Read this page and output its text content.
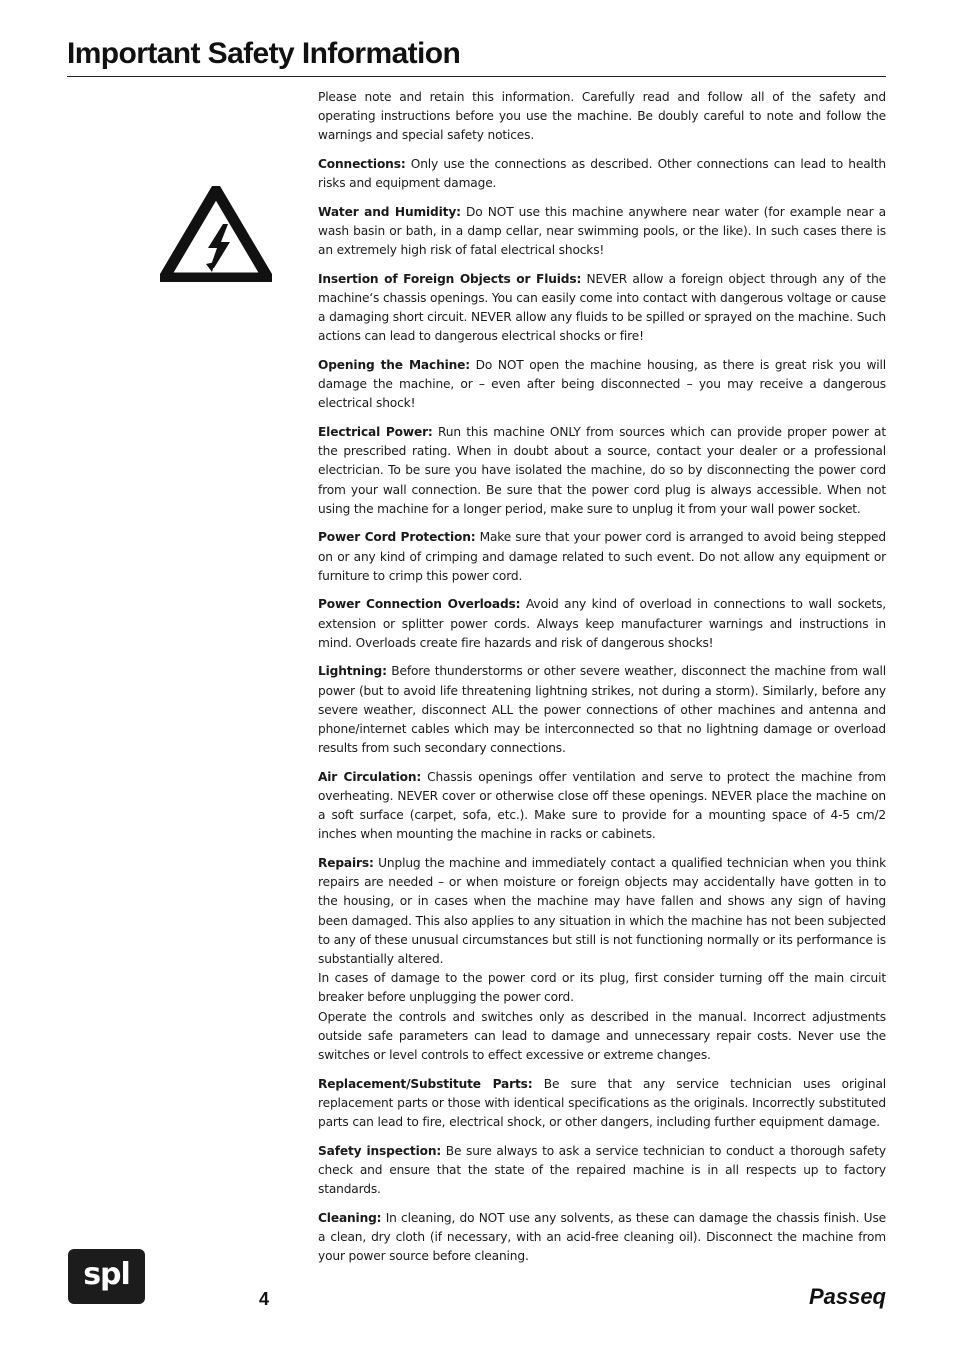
Important Safety Information

Please note and retain this information. Carefully read and follow all of the safety and operating instructions before you use the machine. Be doubly careful to note and follow the warnings and special safety notices.

Connections: Only use the connections as described. Other connections can lead to health risks and equipment damage.

Water and Humidity: Do NOT use this machine anywhere near water (for example near a wash basin or bath, in a damp cellar, near swimming pools, or the like). In such cases there is an extremely high risk of fatal electrical shocks!

Insertion of Foreign Objects or Fluids: NEVER allow a foreign object through any of the machine‘s chassis openings. You can easily come into contact with dangerous voltage or cause a damaging short circuit. NEVER allow any fluids to be spilled or sprayed on the machine. Such actions can lead to dangerous electrical shocks or fire!

Opening the Machine: Do NOT open the machine housing, as there is great risk you will damage the machine, or – even after being disconnected – you may receive a dangerous electrical shock!

Electrical Power: Run this machine ONLY from sources which can provide proper power at the prescribed rating. When in doubt about a source, contact your dealer or a professional electrician. To be sure you have isolated the machine, do so by disconnecting the power cord from your wall connection. Be sure that the power cord plug is always accessible. When not using the machine for a longer period, make sure to unplug it from your wall power socket.

Power Cord Protection: Make sure that your power cord is arranged to avoid being stepped on or any kind of crimping and damage related to such event. Do not allow any equipment or furniture to crimp this power cord.

Power Connection Overloads: Avoid any kind of overload in connections to wall sockets, extension or splitter power cords. Always keep manufacturer warnings and instructions in mind. Overloads create fire hazards and risk of dangerous shocks!

Lightning: Before thunderstorms or other severe weather, disconnect the machine from wall power (but to avoid life threatening lightning strikes, not during a storm). Similarly, before any severe weather, disconnect ALL the power connections of other machines and antenna and phone/internet cables which may be interconnected so that no lightning damage or overload results from such secondary connections.

Air Circulation: Chassis openings offer ventilation and serve to protect the machine from overheating. NEVER cover or otherwise close off these openings. NEVER place the machine on a soft surface (carpet, sofa, etc.). Make sure to provide for a mounting space of 4-5 cm/2 inches when mounting the machine in racks or cabinets.

Repairs: Unplug the machine and immediately contact a qualified technician when you think repairs are needed – or when moisture or foreign objects may accidentally have gotten in to the housing, or in cases when the machine may have fallen and shows any sign of having been damaged. This also applies to any situation in which the machine has not been subjected to any of these unusual circumstances but still is not functioning normally or its performance is substantially altered.

In cases of damage to the power cord or its plug, first consider turning off the main circuit breaker before unplugging the power cord.

Operate the controls and switches only as described in the manual. Incorrect adjustments outside safe parameters can lead to damage and unnecessary repair costs. Never use the switches or level controls to effect excessive or extreme changes.

Replacement/Substitute Parts: Be sure that any service technician uses original replacement parts or those with identical specifications as the originals. Incorrectly substituted parts can lead to fire, electrical shock, or other dangers, including further equipment damage.

Safety inspection: Be sure always to ask a service technician to conduct a thorough safety check and ensure that the state of the repaired machine is in all respects up to factory standards.

Cleaning: In cleaning, do NOT use any solvents, as these can damage the chassis finish. Use a clean, dry cloth (if necessary, with an acid-free cleaning oil). Disconnect the machine from your power source before cleaning.

spl
4	Passeq
